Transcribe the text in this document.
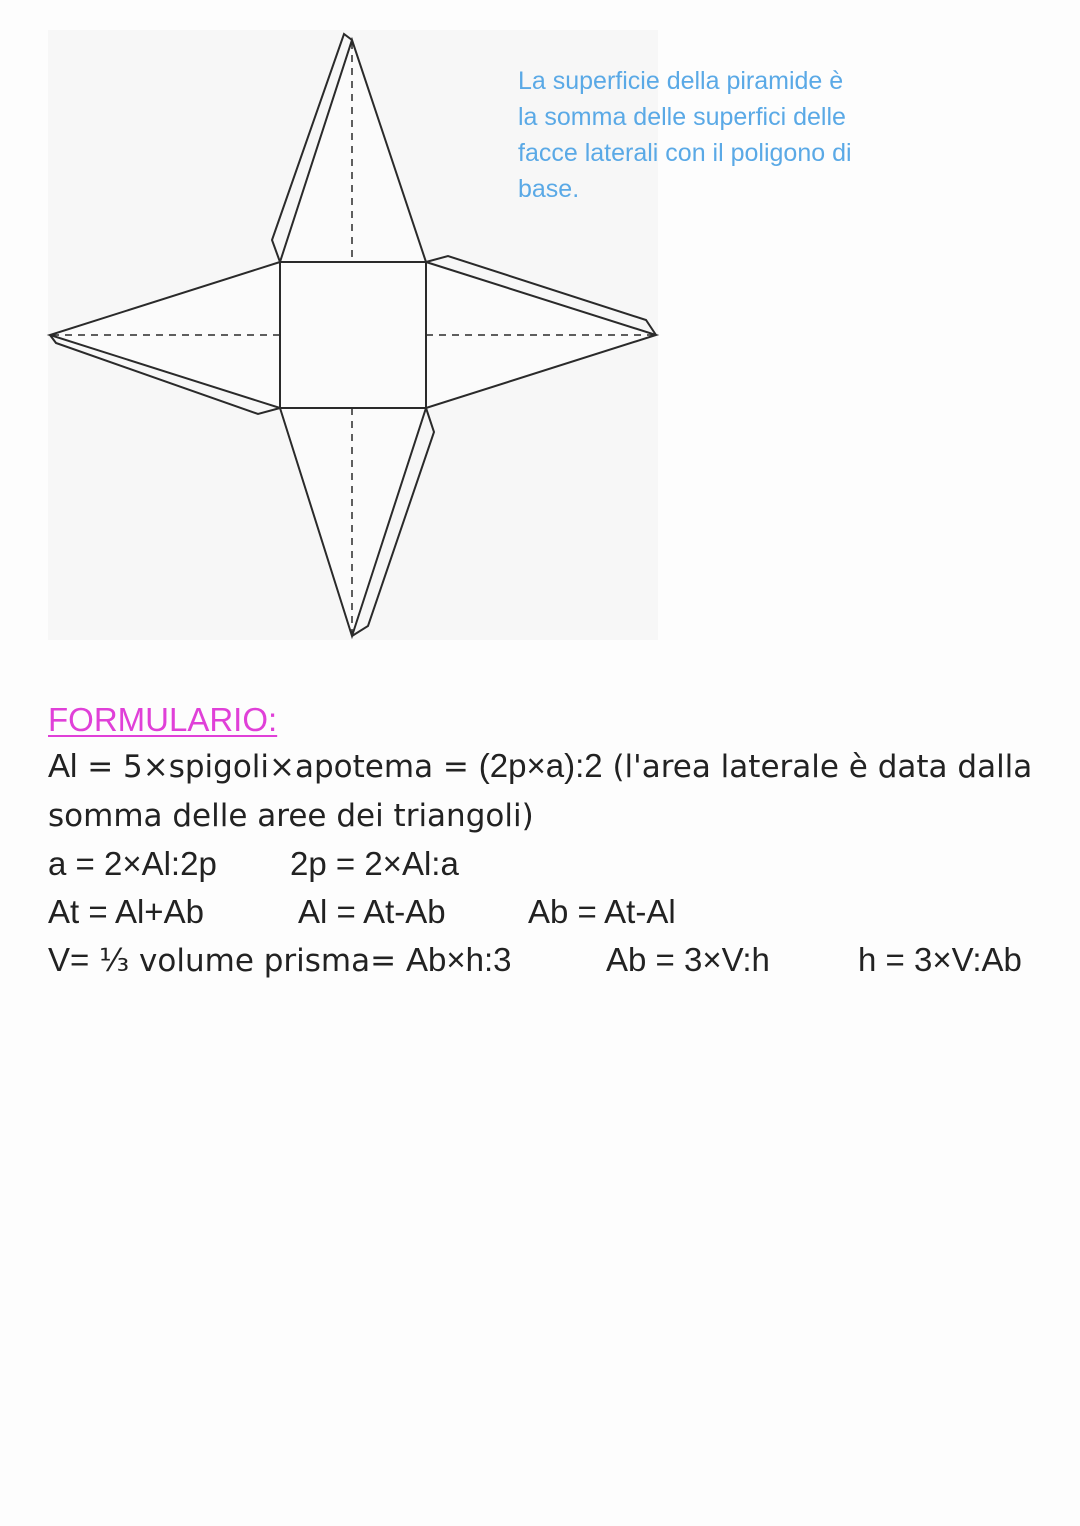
La superficie della piramide è
la somma delle superfici delle
facce laterali con il poligono di
base.
FORMULARIO:
Al = 5×spigoli×apotema = (2p×a):2 (l'area laterale è data dalla somma delle aree dei triangoli)
a = 2×Al:2p 2p = 2×Al:a
At = Al+Ab	Al = At-Ab Ab = At-Al
V= ⅓ volume prisma= Ab×h:3	Ab = 3×V:h	h = 3×V:Ab
